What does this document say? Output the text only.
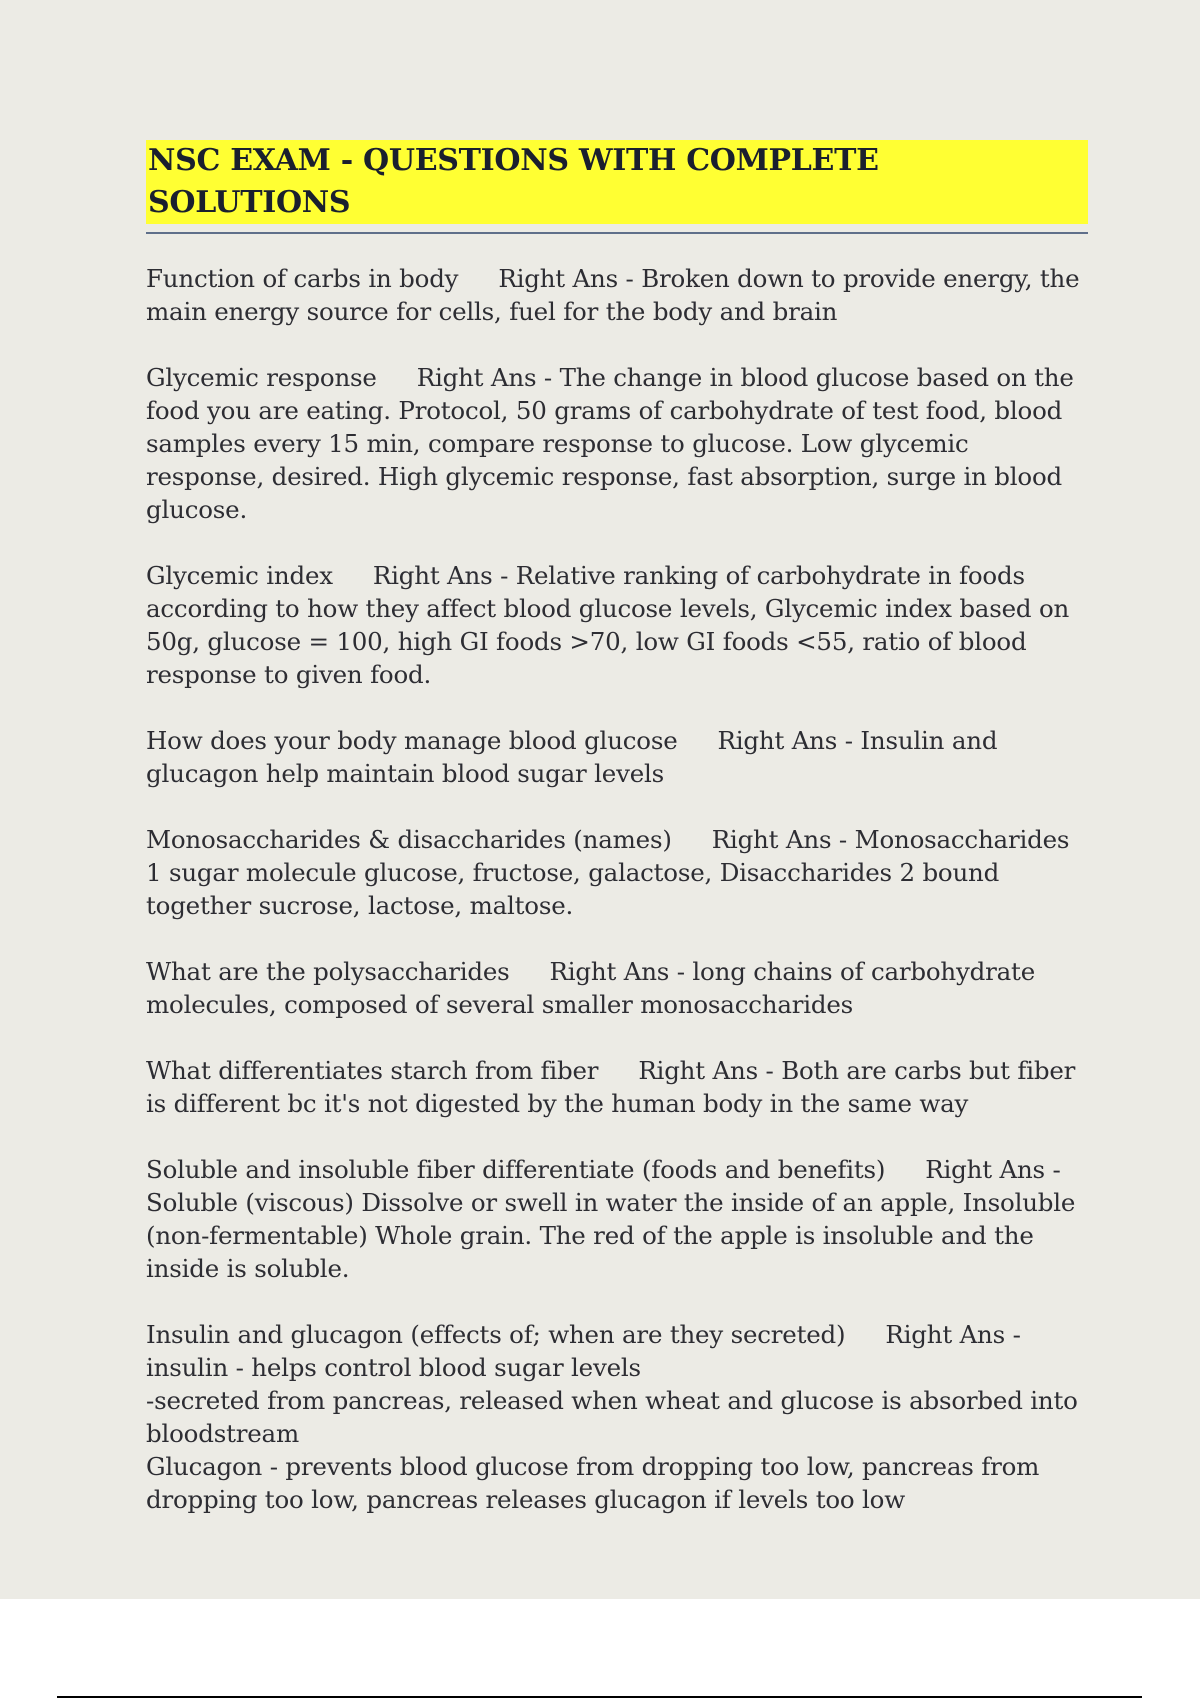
NSC EXAM - QUESTIONS WITH COMPLETE SOLUTIONS
Function of carbs in body Right Ans - Broken down to provide energy, the main energy source for cells, fuel for the body and brain
Glycemic response Right Ans - The change in blood glucose based on the food you are eating. Protocol, 50 grams of carbohydrate of test food, blood samples every 15 min, compare response to glucose. Low glycemic response, desired. High glycemic response, fast absorption, surge in blood glucose.
Glycemic index Right Ans - Relative ranking of carbohydrate in foods according to how they affect blood glucose levels, Glycemic index based on 50g, glucose = 100, high GI foods >70, low GI foods <55, ratio of blood response to given food.
How does your body manage blood glucose Right Ans - Insulin and glucagon help maintain blood sugar levels
Monosaccharides & disaccharides (names) Right Ans - Monosaccharides 1 sugar molecule glucose, fructose, galactose, Disaccharides 2 bound together sucrose, lactose, maltose.
What are the polysaccharides Right Ans - long chains of carbohydrate molecules, composed of several smaller monosaccharides
What differentiates starch from fiber Right Ans - Both are carbs but fiber is different bc it's not digested by the human body in the same way
Soluble and insoluble fiber differentiate (foods and benefits) Right Ans - Soluble (viscous) Dissolve or swell in water the inside of an apple, Insoluble (non-fermentable) Whole grain. The red of the apple is insoluble and the inside is soluble.
Insulin and glucagon (effects of; when are they secreted) Right Ans - insulin - helps control blood sugar levels
-secreted from pancreas, released when wheat and glucose is absorbed into bloodstream
Glucagon - prevents blood glucose from dropping too low, pancreas from dropping too low, pancreas releases glucagon if levels too low
